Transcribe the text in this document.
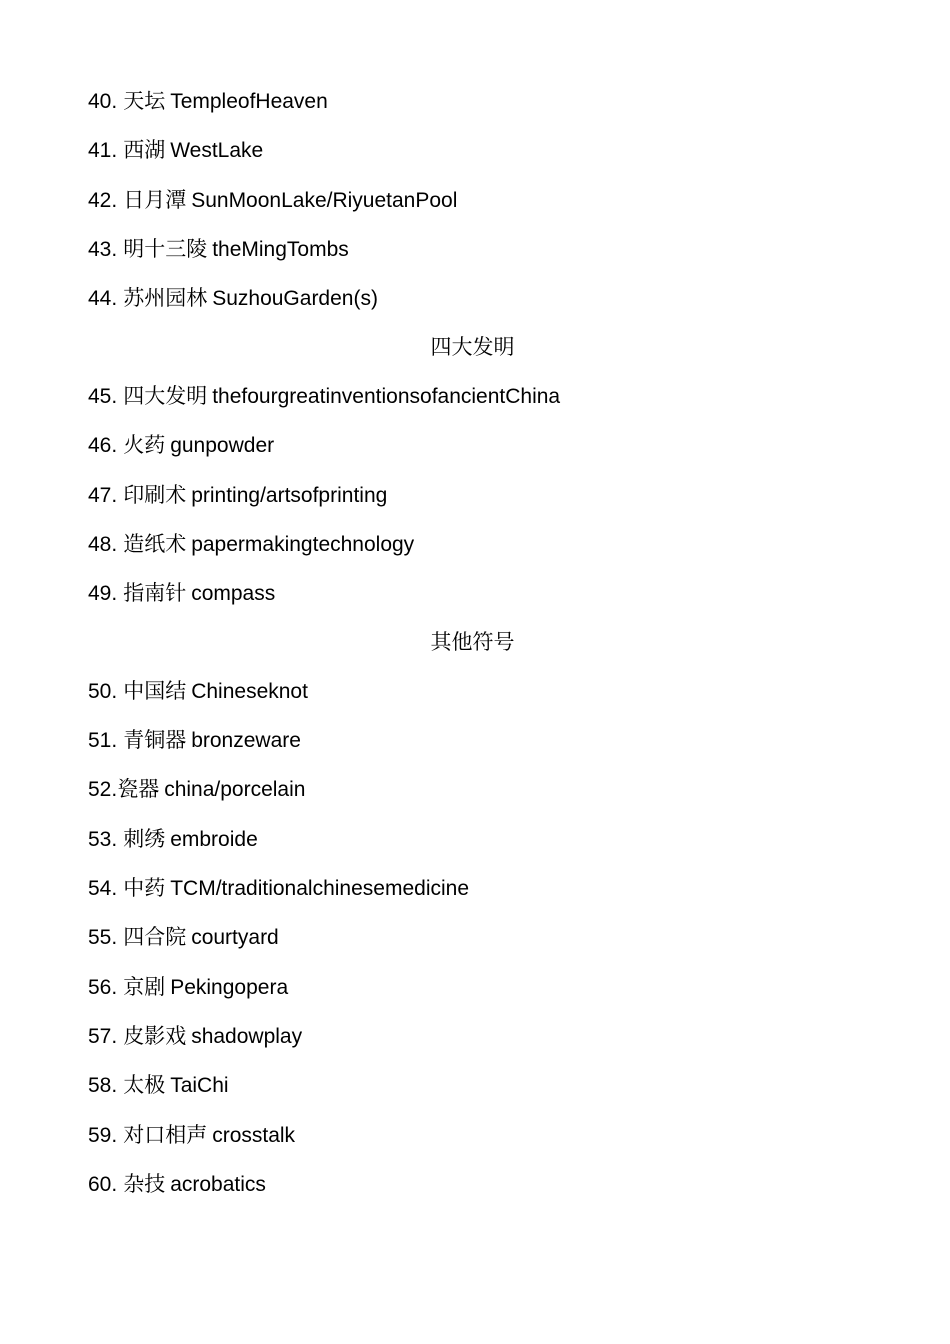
40. 天坛 TempleofHeaven
41. 西湖 WestLake
42. 日月潭 SunMoonLake/RiyuetanPool
43. 明十三陵 theMingTombs
44. 苏州园林 SuzhouGarden(s)
四大发明
45. 四大发明 thefourgreatinventionsofancientChina
46. 火药 gunpowder
47. 印刷术 printing/artsofprinting
48. 造纸术 papermakingtechnology
49. 指南针 compass
其他符号
50. 中国结 Chineseknot
51. 青铜器 bronzeware
52.瓷器 china/porcelain
53. 刺绣 embroide
54. 中药 TCM/traditionalchinesemedicine
55. 四合院 courtyard
56. 京剧 Pekingopera
57. 皮影戏 shadowplay
58. 太极 TaiChi
59. 对口相声 crosstalk
60. 杂技 acrobatics
